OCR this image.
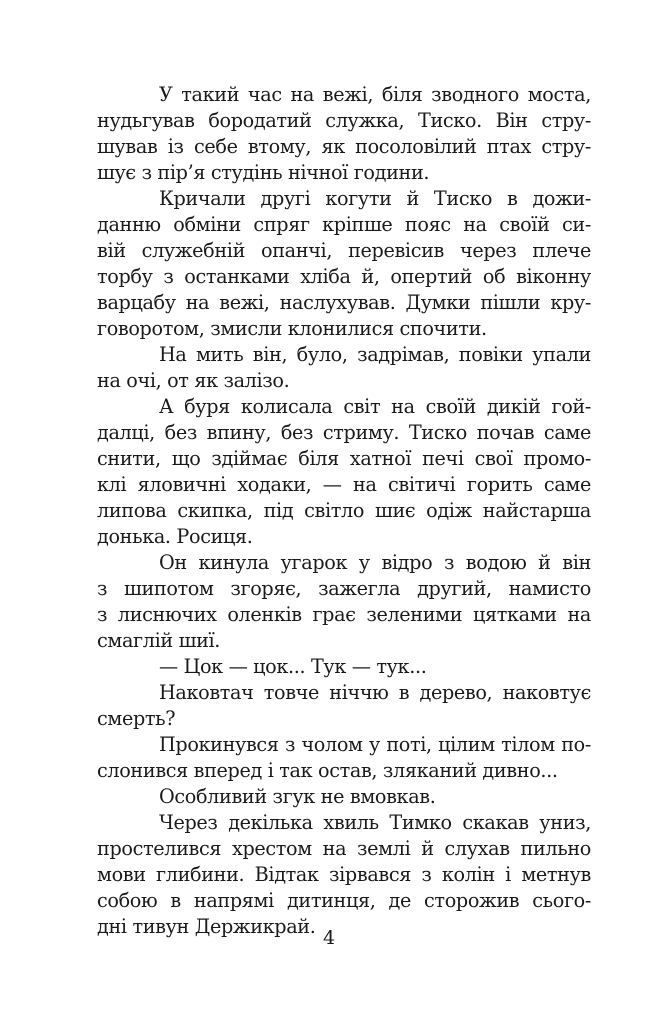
У такий час на вежі, біля зводного моста,
нудьгував бородатий служка, Тиско. Він стру-
шував із себе втому, як посоловілий птах стру-
шує з пір’я студінь нічної години.
Кричали другі когути й Тиско в дожи-
данню обміни спряг кріпше пояс на своїй си-
вій служебній опанчі, перевісив через плече
торбу з останками хліба й, опертий об віконну
варцабу на вежі, наслухував. Думки пішли кру-
говоротом, змисли клонилися спочити.
На мить він, було, задрімав, повіки упали
на очі, от як залізо.
А буря колисала світ на своїй дикій гой-
далці, без впину, без стриму. Тиско почав саме
снити, що здіймає біля хатної печі свої промо-
клі яловичні ходаки, — на світичі горить саме
липова скипка, під світло шиє одіж найстарша
донька. Росиця.
Он кинула угарок у відро з водою й він
з шипотом згоряє, зажегла другий, намисто
з лиснючих оленків грає зеленими цятками на
смаглій шиї.
— Цок — цок... Тук — тук...
Наковтач товче ніччю в дерево, наковтує
смерть?
Прокинувся з чолом у поті, цілим тілом по-
слонився вперед і так остав, зляканий дивно...
Особливий згук не вмовкав.
Через декілька хвиль Тимко скакав униз,
простелився хрестом на землі й слухав пильно
мови глибини. Відтак зірвався з колін і метнув
собою в напрямі дитинця, де сторожив сього-
дні тивун Держикрай. 4
